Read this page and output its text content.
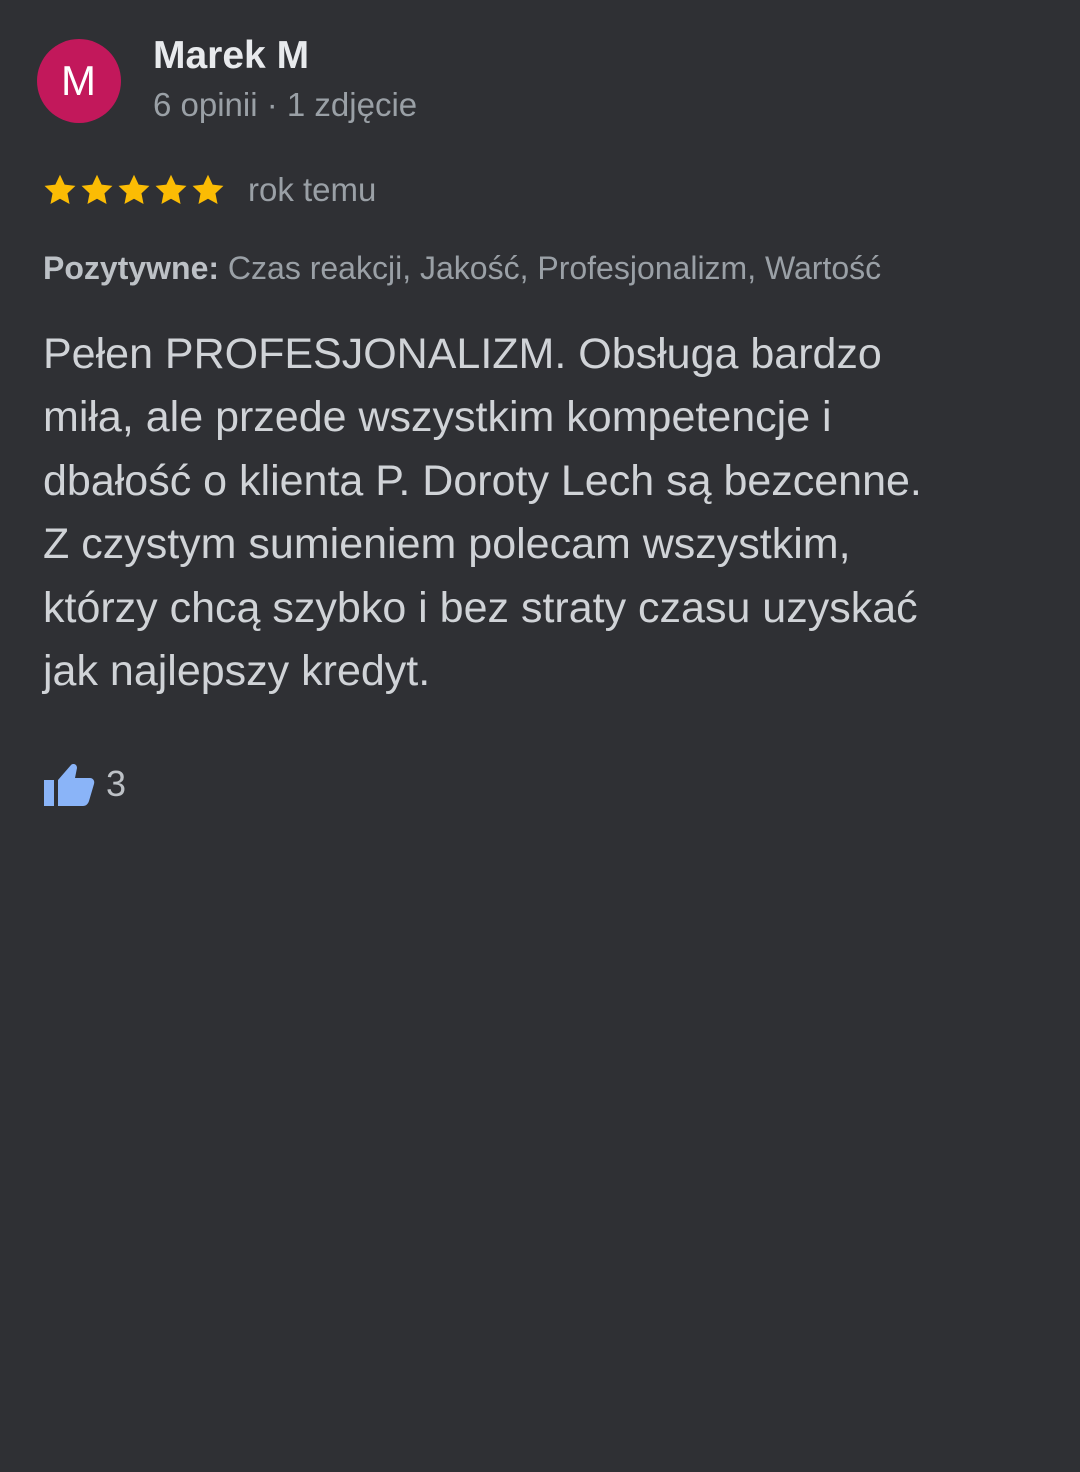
M
Marek M
6 opinii · 1 zdjęcie
rok temu
Pozytywne: Czas reakcji, Jakość, Profesjonalizm, Wartość
Pełen PROFESJONALIZM. Obsługa bardzo
miła, ale przede wszystkim kompetencje i
dbałość o klienta P. Doroty Lech są bezcenne.
Z czystym sumieniem polecam wszystkim,
którzy chcą szybko i bez straty czasu uzyskać
jak najlepszy kredyt.
3
